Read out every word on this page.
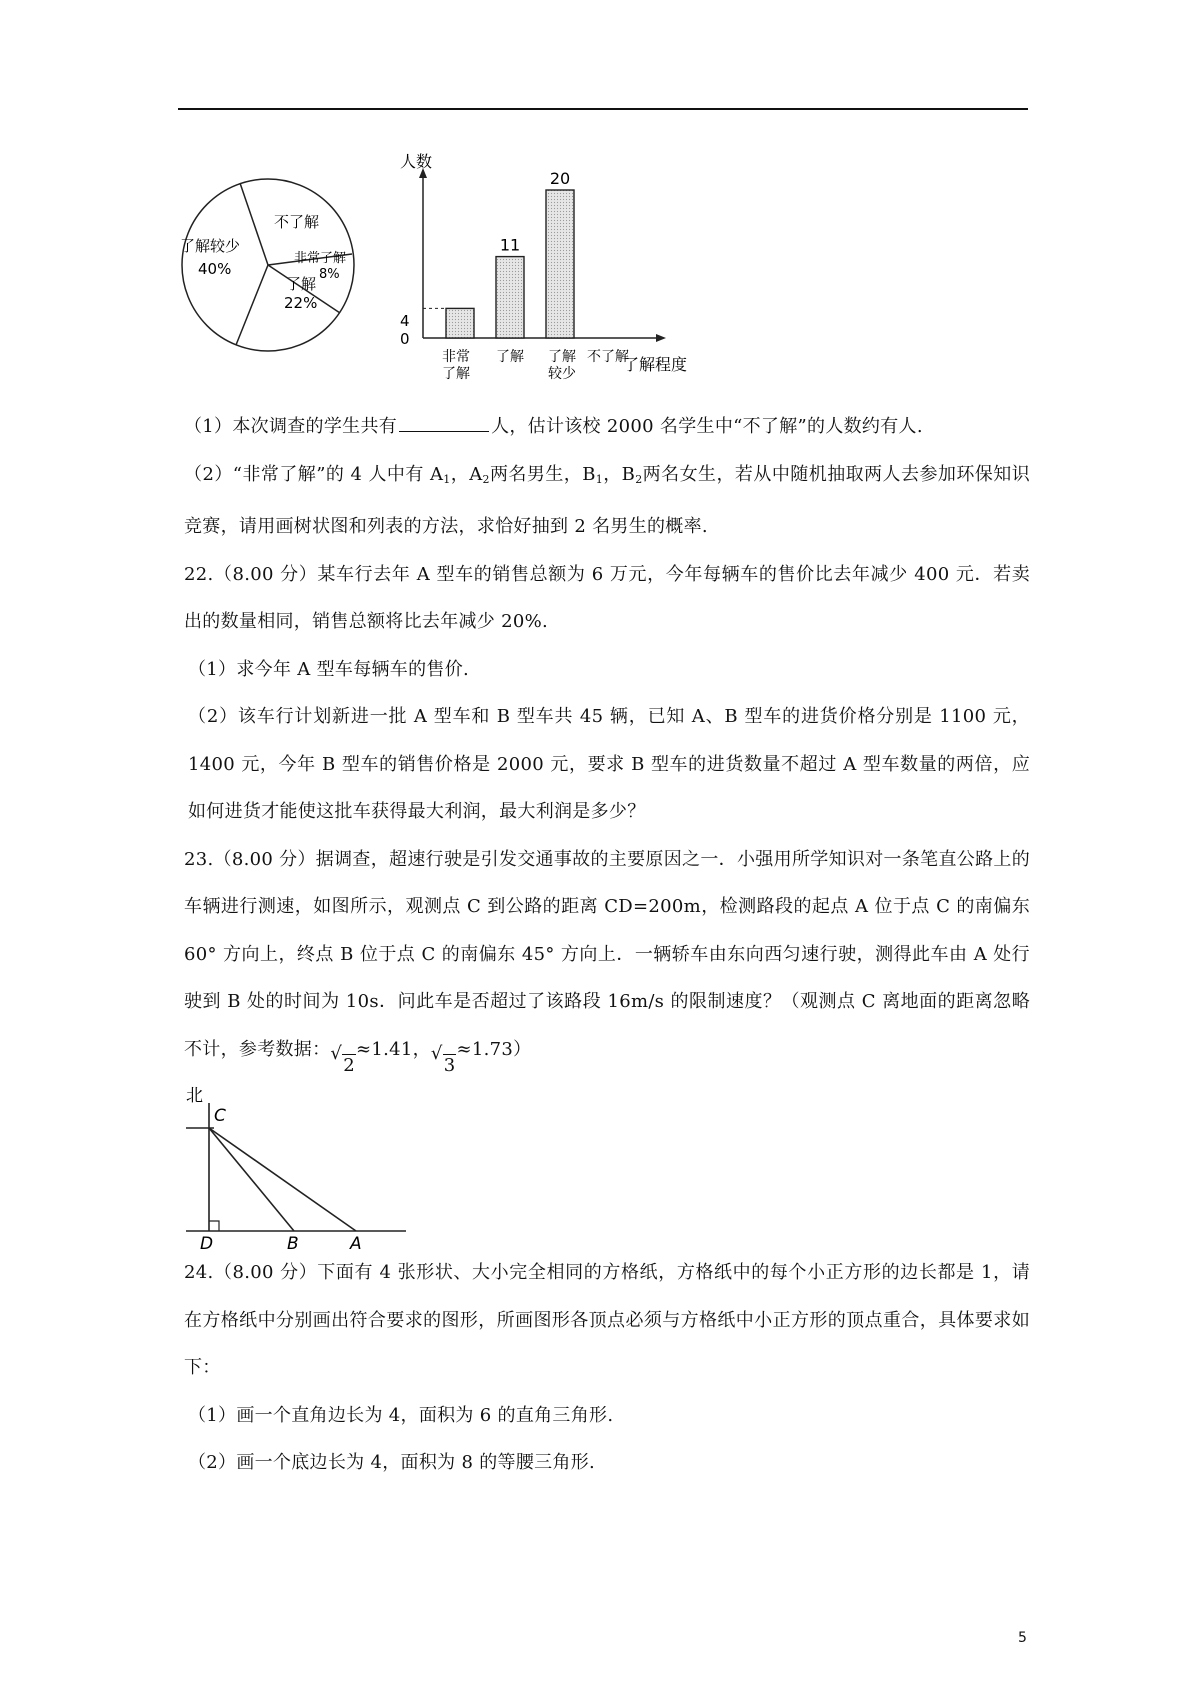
不了解
非常了解
8%
了解
22%
了解较少
40%
人数
了解程度
0
4
11
20
非常
了解
了解 了解
较少
不了解

（1）本次调查的学生共有	人，估计该校 2000 名学生中“不了解”的人数约有人.

（2）“非常了解”的 4 人中有 $A_1$，$A_2$两名男生，$B_1$，$B_2$两名女生，若从中随机抽取两人去参加环保知识竞赛，请用画树状图和列表的方法，求恰好抽到 2 名男生的概率.

22.（8.00 分）某车行去年 A 型车的销售总额为 6 万元，今年每辆车的售价比去年减少 400 元．若卖出的数量相同，销售总额将比去年减少 20%.

（1）求今年 A 型车每辆车的售价.

（2）该车行计划新进一批 A 型车和 B 型车共 45 辆，已知 A、B 型车的进货价格分别是 1100 元，1400 元，今年 B 型车的销售价格是 2000 元，要求 B 型车的进货数量不超过 A 型车数量的两倍，应如何进货才能使这批车获得最大利润，最大利润是多少？

23.（8.00 分）据调查，超速行驶是引发交通事故的主要原因之一．小强用所学知识对一条笔直公路上的车辆进行测速，如图所示，观测点 C 到公路的距离 CD=200m，检测路段的起点 A 位于点 C 的南偏东 60° 方向上，终点 B 位于点 C 的南偏东 45° 方向上．一辆轿车由东向西匀速行驶，测得此车由 A 处行驶到 B 处的时间为 10s．问此车是否超过了该路段 16m/s 的限制速度？（观测点 C 离地面的距离忽略不计，参考数据： √
2
≈1.41， √
3
≈1.73）

北
C
D	B	A

24.（8.00 分）下面有 4 张形状、大小完全相同的方格纸，方格纸中的每个小正方形的边长都是 1，请在方格纸中分别画出符合要求的图形，所画图形各顶点必须与方格纸中小正方形的顶点重合，具体要求如下：

（1）画一个直角边长为 4，面积为 6 的直角三角形.

（2）画一个底边长为 4，面积为 8 的等腰三角形.

5
